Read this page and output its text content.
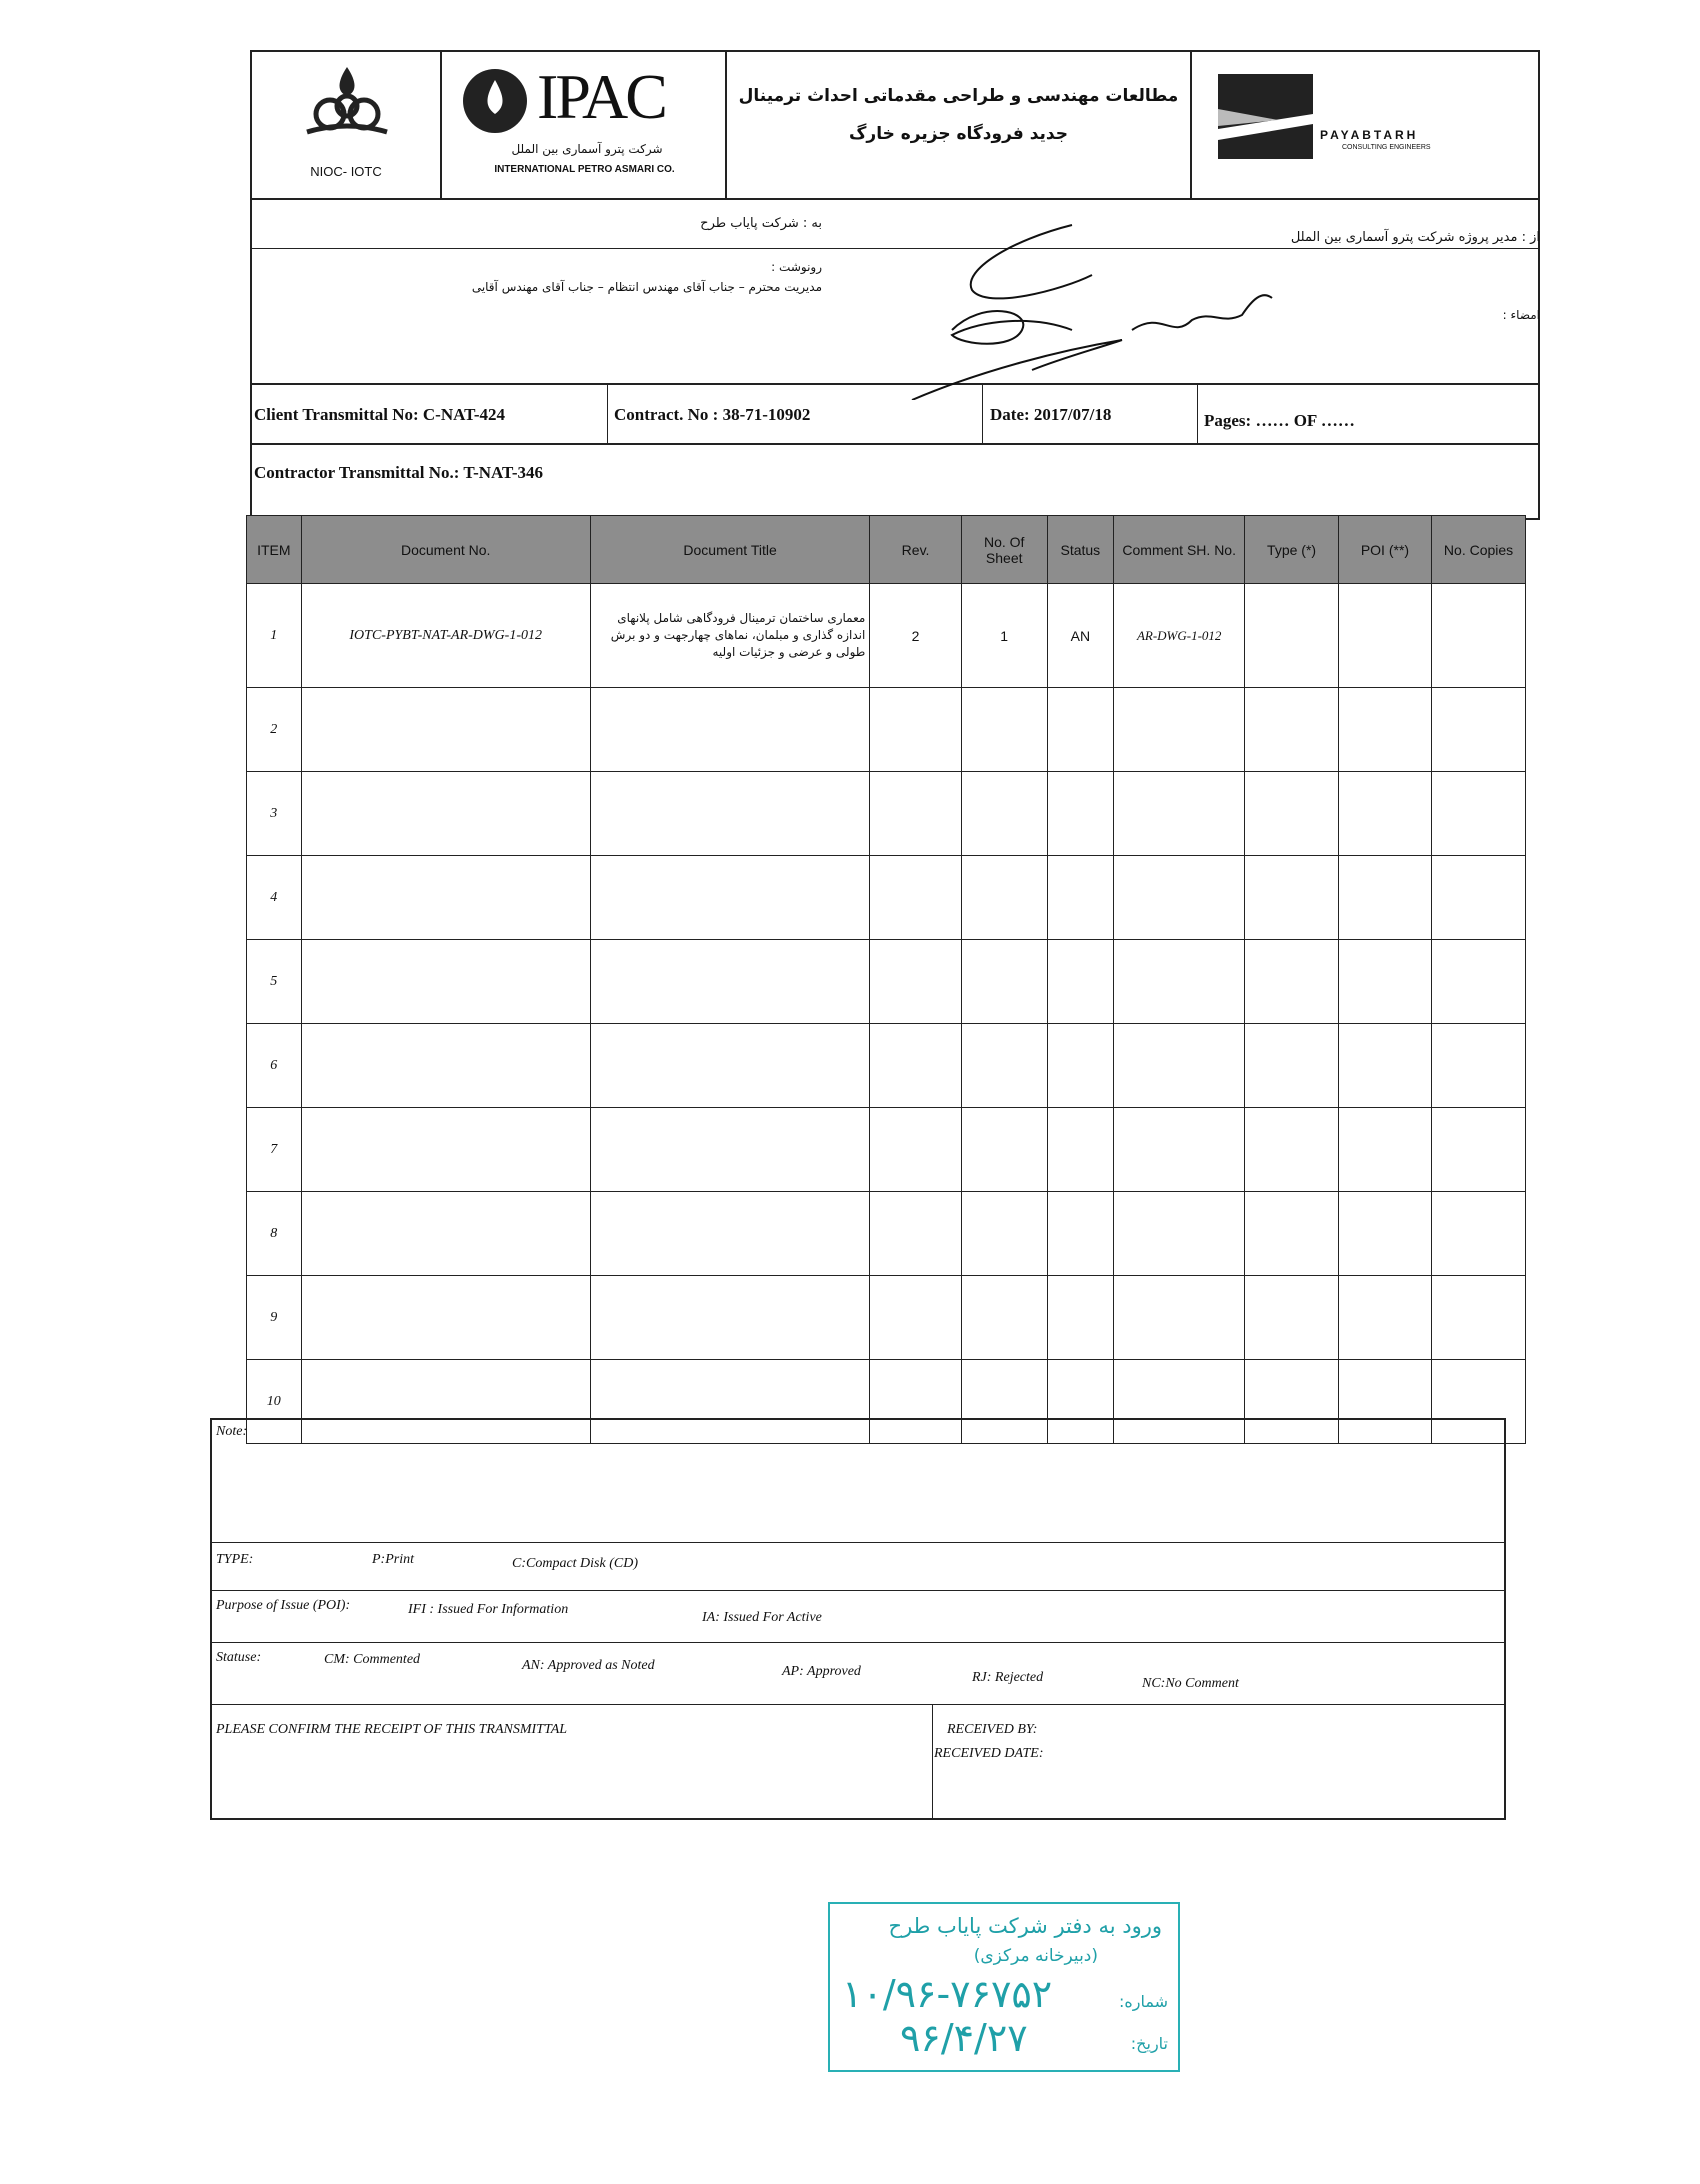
NIOC- IOTC
IPAC
شرکت پترو آسماری بین الملل
INTERNATIONAL PETRO ASMARI CO.
مطالعات مهندسی و طراحی مقدماتی احداث ترمینال
جدید فرودگاه جزیره خارگ	PAYABTARH
CONSULTING ENGINEERS
به : شرکت پایاب طرح
رونوشت :
مدیریت محترم – جناب آقای مهندس انتظام – جناب آقای مهندس آقایی
از : مدیر پروژه شرکت پترو آسماری بین الملل
امضاء :
Client Transmittal No: C-NAT-424	Contract. No : 38-71-10902	Date: 2017/07/18	Pages: …… OF ……
Contractor Transmittal No.: T-NAT-346
ITEM	Document No.	Document Title	Rev.	No. Of Sheet	Status	Comment SH. No.	Type (*)	POI (**)	No. Copies
1	IOTC-PYBT-NAT-AR-DWG-1-012	معماری ساختمان ترمینال فرودگاهی شامل پلانهای اندازه گذاری و مبلمان، نماهای چهارجهت و دو برش طولی و عرضی و جزئیات اولیه	2	1	AN	AR-DWG-1-012			
2									
3									
4									
5									
6									
7									
8									
9									
10									
Note:
TYPE:	P:Print	C:Compact Disk (CD)
Purpose of Issue (POI):	IFI : Issued For Information
IA: Issued For Active
Statuse:	CM: Commented	AN: Approved as Noted	AP: Approved	RJ: Rejected	NC:No Comment
PLEASE CONFIRM THE RECEIPT OF THIS TRANSMITTAL	RECEIVED BY:
RECEIVED DATE:
ورود به دفتر شرکت پایاب طرح
(دبیرخانه مرکزی)
شماره:
۱۰/۹۶-۷۶۷۵۲
تاریخ:
۹۶/۴/۲۷
